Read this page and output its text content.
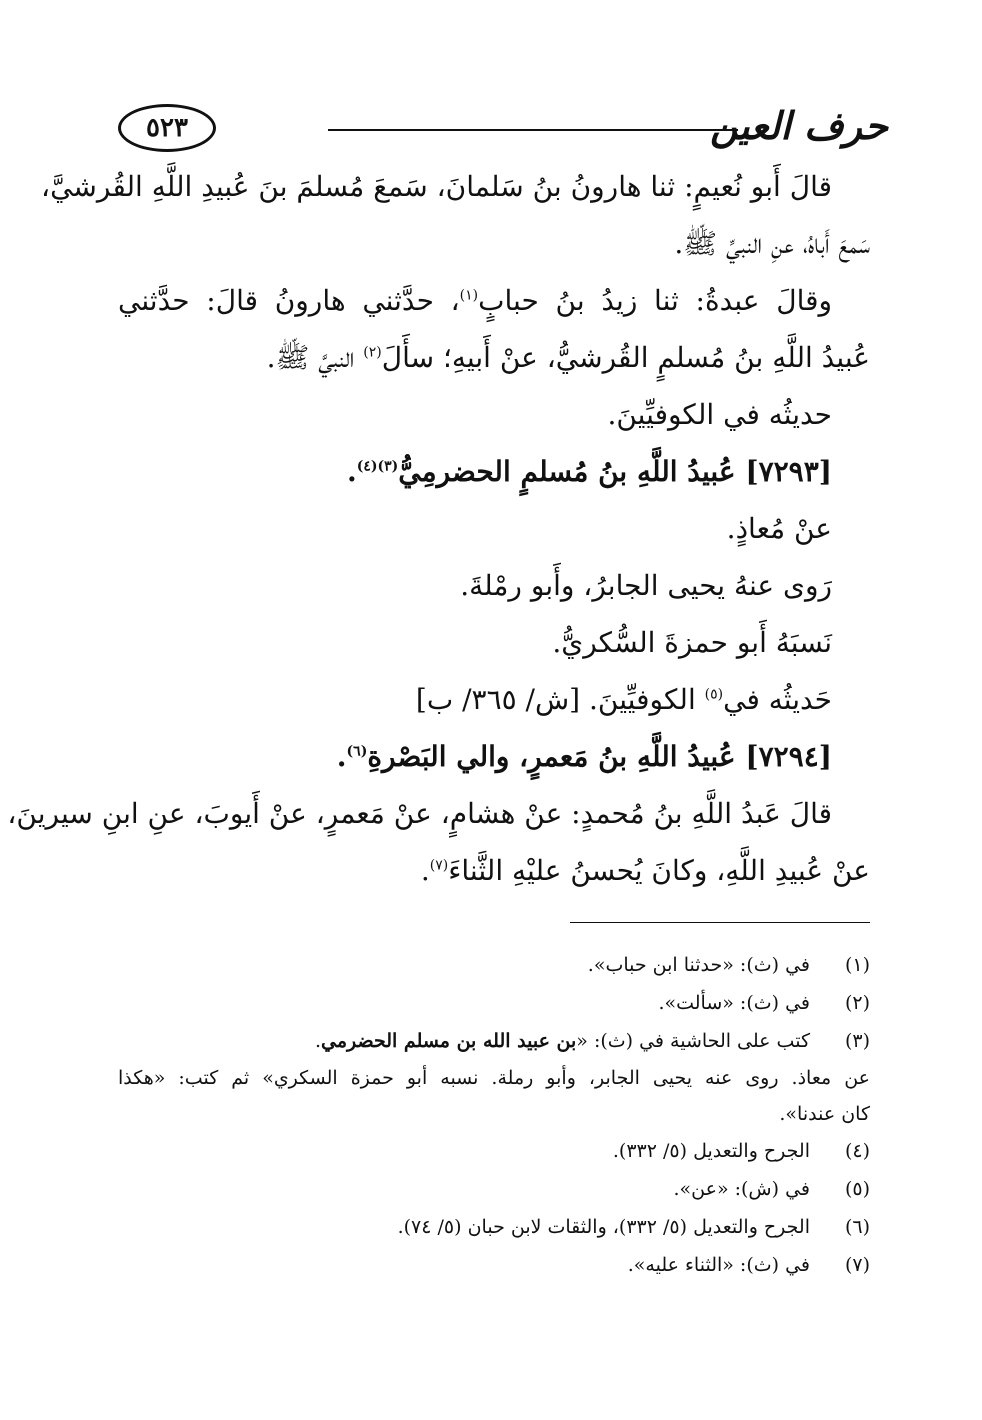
حرف العين
٥٢٣
قالَ أَبو نُعيمٍ: ثنا هارونُ بنُ سَلمانَ، سَمعَ مُسلمَ بنَ عُبيدِ اللَّهِ القُرشيَّ،
سَمعَ أَباهُ، عنِ النبيِّ ﷺ.
وقالَ عبدةُ: ثنا زيدُ بنُ حبابٍ$^{(١)}$، حدَّثني هارونُ قالَ: حدَّثني
عُبيدُ اللَّهِ بنُ مُسلمٍ القُرشيُّ، عنْ أَبيهِ؛ سأَلَ$^{(٢)}$ النبيَّ ﷺ.
حديثُه في الكوفيِّينَ.
[٧٢٩٣] عُبيدُ اللَّهِ بنُ مُسلمٍ الحضرمِيُّ$^{(٣)(٤)}$.
عنْ مُعاذٍ.
رَوى عنهُ يحيى الجابرُ، وأَبو رمْلةَ.
نَسبَهُ أَبو حمزةَ السُّكريُّ.
حَديثُه في$^{(٥)}$ الكوفيِّينَ. [ش/ ٣٦٥/ ب]
[٧٢٩٤] عُبيدُ اللَّهِ بنُ مَعمرٍ، والي البَصْرةِ$^{(٦)}$.
قالَ عَبدُ اللَّهِ بنُ مُحمدٍ: عنْ هشامٍ، عنْ مَعمرٍ، عنْ أَيوبَ، عنِ ابنِ سيرينَ،
عنْ عُبيدِ اللَّهِ، وكانَ يُحسنُ عليْهِ الثَّناءَ$^{(٧)}$.
(١)
في (ث): «حدثنا ابن حباب».
(٢)
في (ث): «سألت».
(٣)
كتب على الحاشية في (ث): «بن عبيد الله بن مسلم الحضرمي.
عن معاذ. روى عنه يحيى الجابر، وأبو رملة. نسبه أبو حمزة السكري» ثم كتب: «هكذا
كان عندنا».
(٤)
الجرح والتعديل (٥/ ٣٣٢).
(٥)
في (ش): «عن».
(٦)
الجرح والتعديل (٥/ ٣٣٢)، والثقات لابن حبان (٥/ ٧٤).
(٧)
في (ث): «الثناء عليه».
